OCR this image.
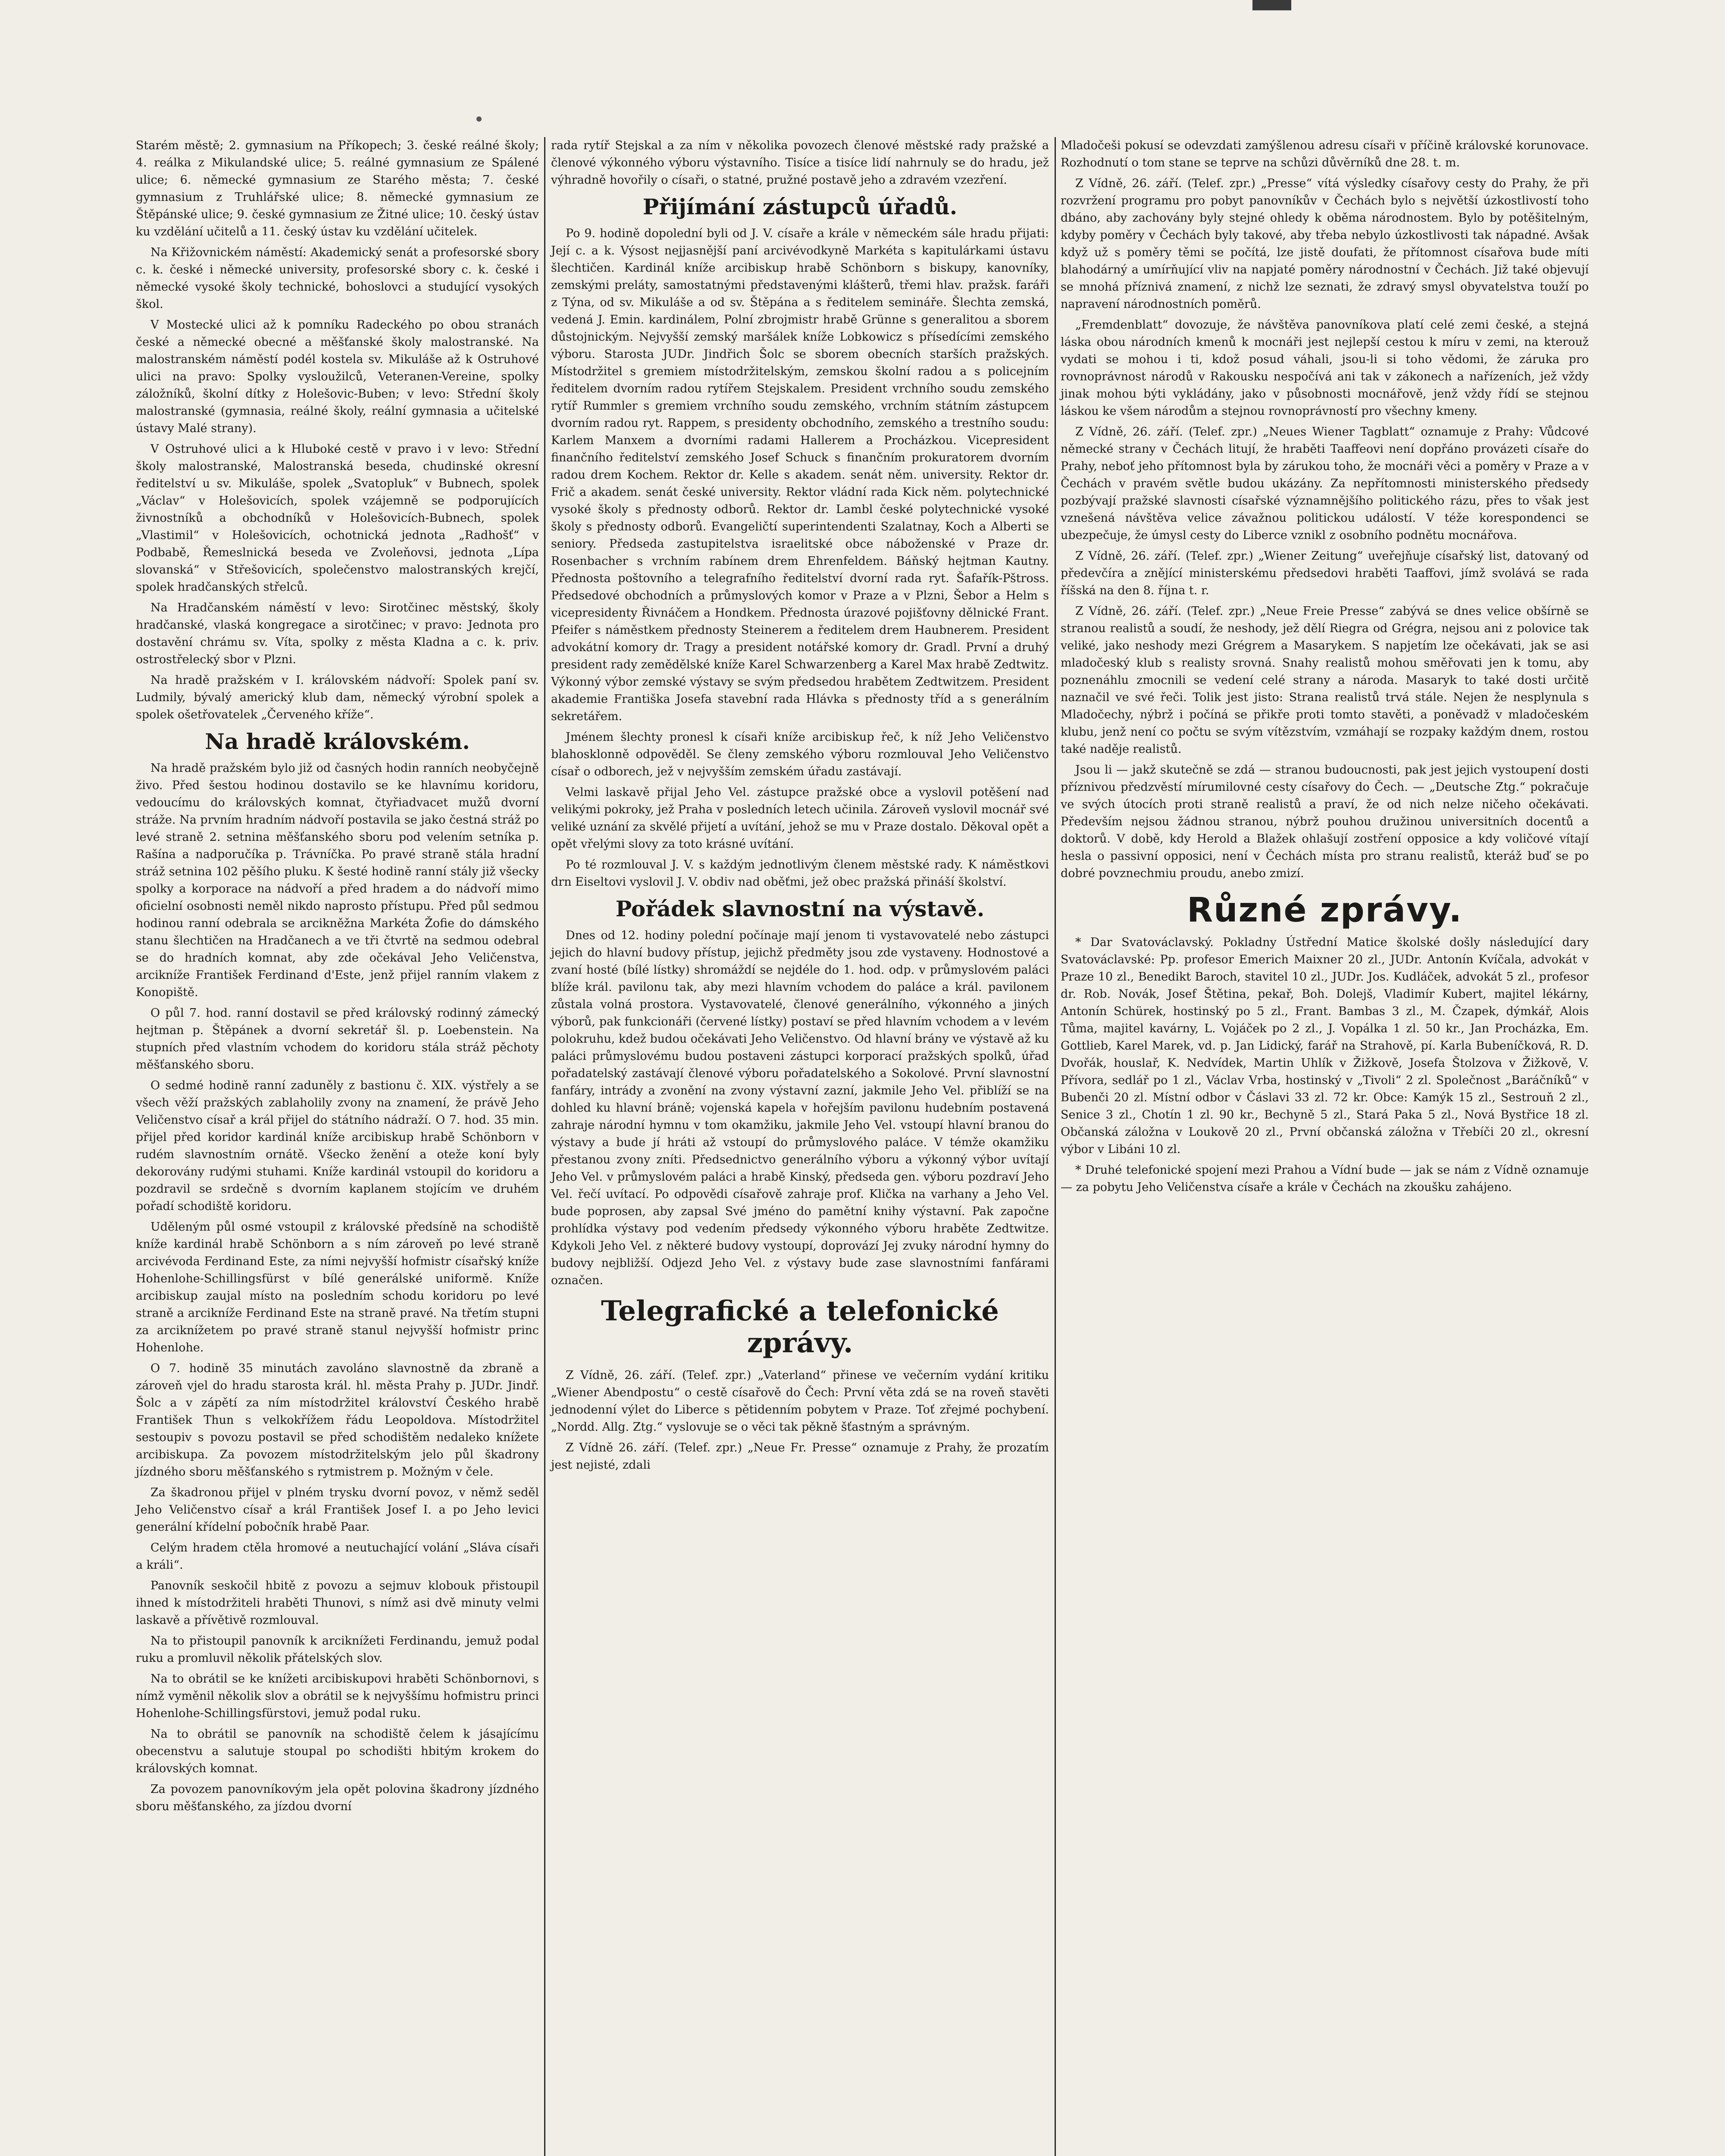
Starém městě; 2. gymnasium na Příkopech; 3. české reálné školy; 4. reálka z Mikulandské ulice; 5. reálné gymnasium ze Spálené ulice; 6. německé gymnasium ze Starého města; 7. české gymnasium z Truhlářské ulice; 8. německé gymnasium ze Štěpánské ulice; 9. české gymnasium ze Žitné ulice; 10. český ústav ku vzdělání učitelů a 11. český ústav ku vzdělání učitelek.

Na Křižovnickém náměstí: Akademický senát a profesorské sbory c. k. české i německé university, profesorské sbory c. k. české i německé vysoké školy technické, bohoslovci a studující vysokých škol.

V Mostecké ulici až k pomníku Radeckého po obou stranách české a německé obecné a měšťanské školy malostranské. Na malostranském náměstí podél kostela sv. Mikuláše až k Ostruhové ulici na pravo: Spolky vysloužilců, Veteranen-Vereine, spolky záložníků, školní dítky z Holešovic-Buben; v levo: Střední školy malostranské (gymnasia, reálné školy, reální gymnasia a učitelské ústavy Malé strany).

V Ostruhové ulici a k Hluboké cestě v pravo i v levo: Střední školy malostranské, Malostranská beseda, chudinské okresní ředitelství u sv. Mikuláše, spolek „Svatopluk“ v Bubnech, spolek „Václav“ v Holešovicích, spolek vzájemně se podporujících živnostníků a obchodníků v Holešovicích-Bubnech, spolek „Vlastimil“ v Holešovicích, ochotnická jednota „Radhošť“ v Podbabě, Řemeslnická beseda ve Zvoleňovsi, jednota „Lípa slovanská“ v Střešovicích, společenstvo malostranských krejčí, spolek hradčanských střelců.

Na Hradčanském náměstí v levo: Sirotčinec městský, školy hradčanské, vlaská kongregace a sirotčinec; v pravo: Jednota pro dostavění chrámu sv. Víta, spolky z města Kladna a c. k. priv. ostrostřelecký sbor v Plzni.

Na hradě pražském v I. královském nádvoří: Spolek paní sv. Ludmily, bývalý americký klub dam, německý výrobní spolek a spolek ošetřovatelek „Červeného kříže“.

Na hradě královském.

Na hradě pražském bylo již od časných hodin ranních neobyčejně živo. Před šestou hodinou dostavilo se ke hlavnímu koridoru, vedoucímu do královských komnat, čtyřiadvacet mužů dvorní stráže. Na prvním hradním nádvoří postavila se jako čestná stráž po levé straně 2. setnina měšťanského sboru pod velením setníka p. Rašína a nadporučíka p. Trávníčka. Po pravé straně stála hradní stráž setnina 102 pěšího pluku. K šesté hodině ranní stály již všecky spolky a korporace na nádvoří a před hradem a do nádvoří mimo oficielní osobnosti neměl nikdo naprosto přístupu. Před půl sedmou hodinou ranní odebrala se arcikněžna Markéta Žofie do dámského stanu šlechtičen na Hradčanech a ve tři čtvrtě na sedmou odebral se do hradních komnat, aby zde očekával Jeho Veličenstva, arcikníže František Ferdinand d'Este, jenž přijel ranním vlakem z Konopiště.

O půl 7. hod. ranní dostavil se před královský rodinný zámecký hejtman p. Štěpánek a dvorní sekretář šl. p. Loebenstein. Na stupních před vlastním vchodem do koridoru stála stráž pěchoty měšťanského sboru.

O sedmé hodině ranní zaduněly z bastionu č. XIX. výstřely a se všech věží pražských zablaholily zvony na znamení, že právě Jeho Veličenstvo císař a král přijel do státního nádraží. O 7. hod. 35 min. přijel před koridor kardinál kníže arcibiskup hrabě Schönborn v rudém slavnostním ornátě. Všecko ženění a oteže koní byly dekorovány rudými stuhami. Kníže kardinál vstoupil do koridoru a pozdravil se srdečně s dvorním kaplanem stojícím ve druhém pořadí schodiště koridoru.

Uděleným půl osmé vstoupil z královské předsíně na schodiště kníže kardinál hrabě Schönborn a s ním zároveň po levé straně arcivévoda Ferdinand Este, za ními nejvyšší hofmistr císařský kníže Hohenlohe-Schillingsfürst v bílé generálské uniformě. Kníže arcibiskup zaujal místo na posledním schodu koridoru po levé straně a arcikníže Ferdinand Este na straně pravé. Na třetím stupni za arciknížetem po pravé straně stanul nejvyšší hofmistr princ Hohenlohe.

O 7. hodině 35 minutách zavoláno slavnostně da zbraně a zároveň vjel do hradu starosta král. hl. města Prahy p. JUDr. Jindř. Šolc a v zápětí za ním místodržitel království Českého hrabě František Thun s velkokřížem řádu Leopoldova. Místodržitel sestoupiv s povozu postavil se před schodištěm nedaleko knížete arcibiskupa. Za povozem místodržitelským jelo půl škadrony jízdného sboru měšťanského s rytmistrem p. Možným v čele.

Za škadronou přijel v plném trysku dvorní povoz, v němž seděl Jeho Veličenstvo císař a král František Josef I. a po Jeho levici generální křídelní pobočník hrabě Paar.

Celým hradem ctěla hromové a neutuchající volání „Sláva císaři a králi“.

Panovník seskočil hbitě z povozu a sejmuv klobouk přistoupil ihned k místodržiteli hraběti Thunovi, s nímž asi dvě minuty velmi laskavě a přívětivě rozmlouval.

Na to přistoupil panovník k arciknížeti Ferdinandu, jemuž podal ruku a promluvil několik přátelských slov.

Na to obrátil se ke knížeti arcibiskupovi hraběti Schönbornovi, s nímž vyměnil několik slov a obrátil se k nejvyššímu hofmistru princi Hohenlohe-Schillingsfürstovi, jemuž podal ruku.

Na to obrátil se panovník na schodiště čelem k jásajícímu obecenstvu a salutuje stoupal po schodišti hbitým krokem do královských komnat.

Za povozem panovníkovým jela opět polovina škadrony jízdného sboru měšťanského, za jízdou dvorní

rada rytíř Stejskal a za ním v několika povozech členové městské rady pražské a členové výkonného výboru výstavního. Tisíce a tisíce lidí nahrnuly se do hradu, jež výhradně hovořily o císaři, o statné, pružné postavě jeho a zdravém vzezření.

Přijímání zástupců úřadů.

Po 9. hodině dopolední byli od J. V. císaře a krále v německém sále hradu přijati: Její c. a k. Výsost nejjasnější paní arcivévodkyně Markéta s kapitulárkami ústavu šlechtičen. Kardinál kníže arcibiskup hrabě Schönborn s biskupy, kanovníky, zemskými preláty, samostatnými představenými klášterů, třemi hlav. pražsk. faráři z Týna, od sv. Mikuláše a od sv. Štěpána a s ředitelem semináře. Šlechta zemská, vedená J. Emin. kardinálem, Polní zbrojmistr hrabě Grünne s generalitou a sborem důstojnickým. Nejvyšší zemský maršálek kníže Lobkowicz s přísedícími zemského výboru. Starosta JUDr. Jindřich Šolc se sborem obecních starších pražských. Místodržitel s gremiem místodržitelským, zemskou školní radou a s policejním ředitelem dvorním radou rytířem Stejskalem. President vrchního soudu zemského rytíř Rummler s gremiem vrchního soudu zemského, vrchním státním zástupcem dvorním radou ryt. Rappem, s presidenty obchodního, zemského a trestního soudu: Karlem Manxem a dvorními radami Hallerem a Procházkou. Vicepresident finančního ředitelství zemského Josef Schuck s finančním prokuratorem dvorním radou drem Kochem. Rektor dr. Kelle s akadem. senát něm. university. Rektor dr. Frič a akadem. senát české university. Rektor vládní rada Kick něm. polytechnické vysoké školy s přednosty odborů. Rektor dr. Lambl české polytechnické vysoké školy s přednosty odborů. Evangeličtí superintendenti Szalatnay, Koch a Alberti se seniory. Předseda zastupitelstva israelitské obce náboženské v Praze dr. Rosenbacher s vrchním rabínem drem Ehrenfeldem. Báňský hejtman Kautny. Přednosta poštovního a telegrafního ředitelství dvorní rada ryt. Šafařík-Pštross. Předsedové obchodních a průmyslových komor v Praze a v Plzni, Šebor a Helm s vicepresidenty Řivnáčem a Hondkem. Přednosta úrazové pojišťovny dělnické Frant. Pfeifer s náměstkem přednosty Steinerem a ředitelem drem Haubnerem. President advokátní komory dr. Tragy a president notářské komory dr. Gradl. První a druhý president rady zemědělské kníže Karel Schwarzenberg a Karel Max hrabě Zedtwitz. Výkonný výbor zemské výstavy se svým předsedou hrabětem Zedtwitzem. President akademie Františka Josefa stavební rada Hlávka s přednosty tříd a s generálním sekretářem.

Jménem šlechty pronesl k císaři kníže arcibiskup řeč, k níž Jeho Veličenstvo blahosklonně odpověděl. Se členy zemského výboru rozmlouval Jeho Veličenstvo císař o odborech, jež v nejvyšším zemském úřadu zastávají.

Velmi laskavě přijal Jeho Vel. zástupce pražské obce a vyslovil potěšení nad velikými pokroky, jež Praha v posledních letech učinila. Zároveň vyslovil mocnář své veliké uznání za skvělé přijetí a uvítání, jehož se mu v Praze dostalo. Děkoval opět a opět vřelými slovy za toto krásné uvítání.

Po té rozmlouval J. V. s každým jednotlivým členem městské rady. K náměstkovi drn Eiseltovi vyslovil J. V. obdiv nad oběťmi, jež obec pražská přináší školství.

Pořádek slavnostní na výstavě.

Dnes od 12. hodiny polední počínaje mají jenom ti vystavovatelé nebo zástupci jejich do hlavní budovy přístup, jejichž předměty jsou zde vystaveny. Hodnostové a zvaní hosté (bílé lístky) shromáždí se nejdéle do 1. hod. odp. v průmyslovém paláci blíže král. pavilonu tak, aby mezi hlavním vchodem do paláce a král. pavilonem zůstala volná prostora. Vystavovatelé, členové generálního, výkonného a jiných výborů, pak funkcionáři (červené lístky) postaví se před hlavním vchodem a v levém polokruhu, kdež budou očekávati Jeho Veličenstvo. Od hlavní brány ve výstavě až ku paláci průmyslovému budou postaveni zástupci korporací pražských spolků, úřad pořadatelský zastávají členové výboru pořadatelského a Sokolové. První slavnostní fanfáry, intrády a zvonění na zvony výstavní zazní, jakmile Jeho Vel. přiblíží se na dohled ku hlavní bráně; vojenská kapela v hořejším pavilonu hudebním postavená zahraje národní hymnu v tom okamžiku, jakmile Jeho Vel. vstoupí hlavní branou do výstavy a bude jí hráti až vstoupí do průmyslového paláce. V témže okamžiku přestanou zvony zníti. Předsednictvo generálního výboru a výkonný výbor uvítají Jeho Vel. v průmyslovém paláci a hrabě Kinský, předseda gen. výboru pozdraví Jeho Vel. řečí uvítací. Po odpovědi císařově zahraje prof. Klička na varhany a Jeho Vel. bude poprosen, aby zapsal Své jméno do pamětní knihy výstavní. Pak započne prohlídka výstavy pod vedením předsedy výkonného výboru hraběte Zedtwitze. Kdykoli Jeho Vel. z některé budovy vystoupí, doprovází Jej zvuky národní hymny do budovy nejbližší. Odjezd Jeho Vel. z výstavy bude zase slavnostními fanfárami označen.

Telegrafické a telefonické zprávy.

Z Vídně, 26. září. (Telef. zpr.) „Vaterland“ přinese ve večerním vydání kritiku „Wiener Abendpostu“ o cestě císařově do Čech: První věta zdá se na roveň stavěti jednodenní výlet do Liberce s pětidenním pobytem v Praze. Toť zřejmé pochybení. „Nordd. Allg. Ztg.“ vyslovuje se o věci tak pěkně šťastným a správným.

Z Vídně 26. září. (Telef. zpr.) „Neue Fr. Presse“ oznamuje z Prahy, že prozatím jest nejisté, zdali

Mladočeši pokusí se odevzdati zamýšlenou adresu císaři v příčině královské korunovace. Rozhodnutí o tom stane se teprve na schůzi důvěrníků dne 28. t. m.

Z Vídně, 26. září. (Telef. zpr.) „Presse“ vítá výsledky císařovy cesty do Prahy, že při rozvržení programu pro pobyt panovníkův v Čechách bylo s největší úzkostlivostí toho dbáno, aby zachovány byly stejné ohledy k oběma národnostem. Bylo by potěšitelným, kdyby poměry v Čechách byly takové, aby třeba nebylo úzkostlivosti tak nápadné. Avšak když už s poměry těmi se počítá, lze jistě doufati, že přítomnost císařova bude míti blahodárný a umírňující vliv na napjaté poměry národnostní v Čechách. Již také objevují se mnohá příznivá znamení, z nichž lze seznati, že zdravý smysl obyvatelstva touží po napravení národnostních poměrů.

„Fremdenblatt“ dovozuje, že návštěva panovníkova platí celé zemi české, a stejná láska obou národních kmenů k mocnáři jest nejlepší cestou k míru v zemi, na kterouž vydati se mohou i ti, kdož posud váhali, jsou-li si toho vědomi, že záruka pro rovnoprávnost národů v Rakousku nespočívá ani tak v zákonech a nařízeních, jež vždy jinak mohou býti vykládány, jako v působnosti mocnářově, jenž vždy řídí se stejnou láskou ke všem národům a stejnou rovnoprávností pro všechny kmeny.

Z Vídně, 26. září. (Telef. zpr.) „Neues Wiener Tagblatt“ oznamuje z Prahy: Vůdcové německé strany v Čechách litují, že hraběti Taaffeovi není dopřáno provázeti císaře do Prahy, neboť jeho přítomnost byla by zárukou toho, že mocnáři věci a poměry v Praze a v Čechách v pravém světle budou ukázány. Za nepřítomnosti ministerského předsedy pozbývají pražské slavnosti císařské významnějšího politického rázu, přes to však jest vznešená návštěva velice závažnou politickou událostí. V téže korespondenci se ubezpečuje, že úmysl cesty do Liberce vznikl z osobního podnětu mocnářova.

Z Vídně, 26. září. (Telef. zpr.) „Wiener Zeitung“ uveřejňuje císařský list, datovaný od předevčíra a znějící ministerskému předsedovi hraběti Taaffovi, jímž svolává se rada říšská na den 8. října t. r.

Z Vídně, 26. září. (Telef. zpr.) „Neue Freie Presse“ zabývá se dnes velice obšírně se stranou realistů a soudí, že neshody, jež dělí Riegra od Grégra, nejsou ani z polovice tak veliké, jako neshody mezi Grégrem a Masarykem. S napjetím lze očekávati, jak se asi mladočeský klub s realisty srovná. Snahy realistů mohou směřovati jen k tomu, aby poznenáhlu zmocnili se vedení celé strany a národa. Masaryk to také dosti určitě naznačil ve své řeči. Tolik jest jisto: Strana realistů trvá stále. Nejen že nesplynula s Mladočechy, nýbrž i počíná se přikře proti tomto stavěti, a poněvadž v mladočeském klubu, jenž není co počtu se svým vítězstvím, vzmáhají se rozpaky každým dnem, rostou také naděje realistů.

Jsou li — jakž skutečně se zdá — stranou budoucnosti, pak jest jejich vystoupení dosti příznivou předzvěstí mírumilovné cesty císařovy do Čech. — „Deutsche Ztg.“ pokračuje ve svých útocích proti straně realistů a praví, že od nich nelze ničeho očekávati. Především nejsou žádnou stranou, nýbrž pouhou družinou universitních docentů a doktorů. V době, kdy Herold a Blažek ohlašují zostření opposice a kdy voličové vítají hesla o passivní opposici, není v Čechách místa pro stranu realistů, kteráž buď se po dobré povznechmiu proudu, anebo zmizí.

Různé zprávy.

* Dar Svatováclavský. Pokladny Ústřední Matice školské došly následující dary Svatováclavské: Pp. profesor Emerich Maixner 20 zl., JUDr. Antonín Kvíčala, advokát v Praze 10 zl., Benedikt Baroch, stavitel 10 zl., JUDr. Jos. Kudláček, advokát 5 zl., profesor dr. Rob. Novák, Josef Štětina, pekař, Boh. Dolejš, Vladimír Kubert, majitel lékárny, Antonín Schürek, hostinský po 5 zl., Frant. Bambas 3 zl., M. Čzapek, dýmkář, Alois Tůma, majitel kavárny, L. Vojáček po 2 zl., J. Vopálka 1 zl. 50 kr., Jan Procházka, Em. Gottlieb, Karel Marek, vd. p. Jan Lidický, farář na Strahově, pí. Karla Bubeníčková, R. D. Dvořák, houslař, K. Nedvídek, Martin Uhlík v Žižkově, Josefa Štolzova v Žižkově, V. Přívora, sedlář po 1 zl., Václav Vrba, hostinský v „Tivoli“ 2 zl. Společnost „Baráčníků“ v Bubenči 20 zl. Místní odbor v Čáslavi 33 zl. 72 kr. Obce: Kamýk 15 zl., Sestrouň 2 zl., Senice 3 zl., Chotín 1 zl. 90 kr., Bechyně 5 zl., Stará Paka 5 zl., Nová Bystřice 18 zl. Občanská záložna v Loukově 20 zl., První občanská záložna v Třebíči 20 zl., okresní výbor v Libáni 10 zl.

* Druhé telefonické spojení mezi Prahou a Vídní bude — jak se nám z Vídně oznamuje — za pobytu Jeho Veličenstva císaře a krále v Čechách na zkoušku zahájeno.
